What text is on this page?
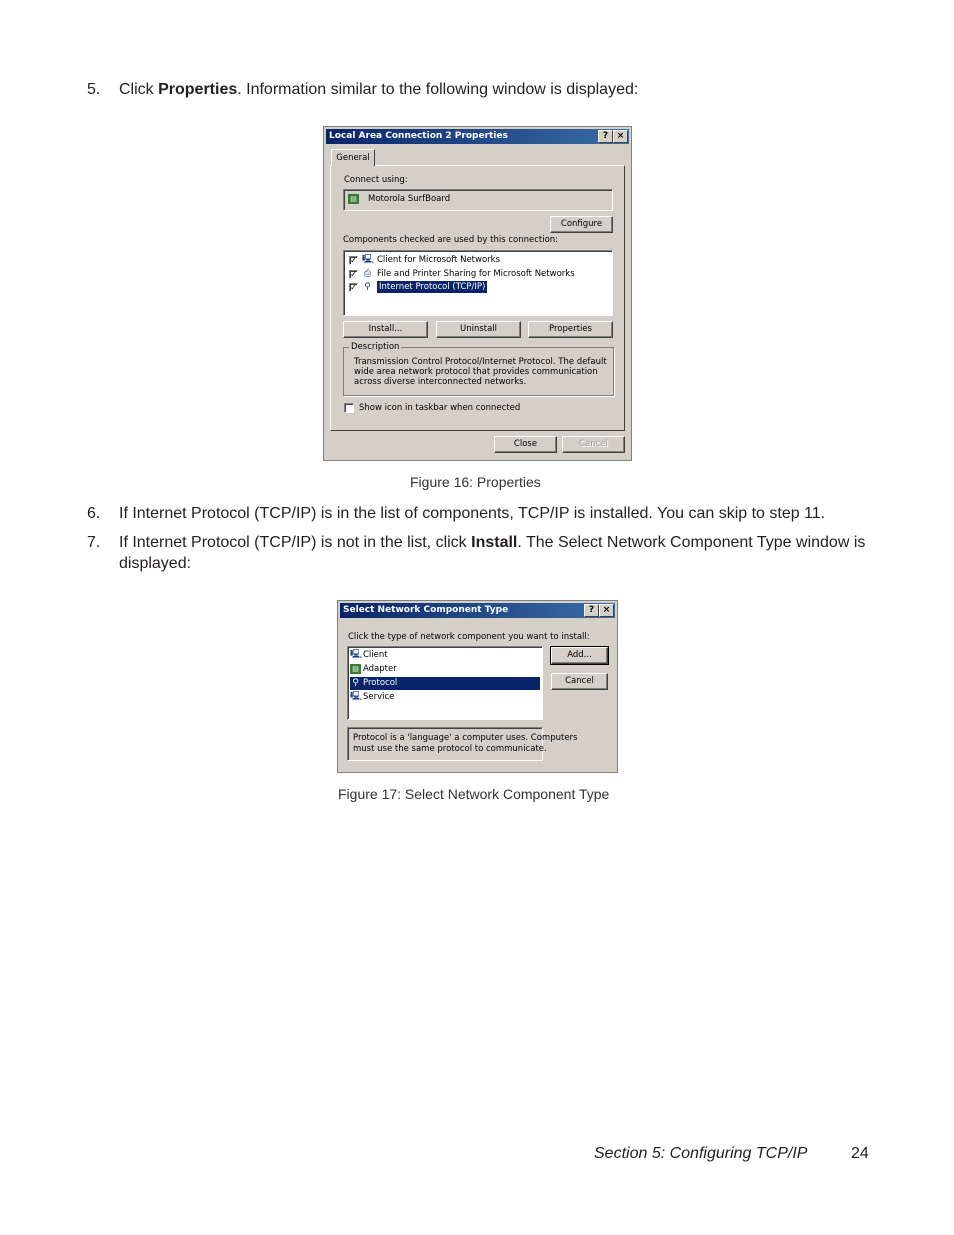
5. Click Properties. Information similar to the following window is displayed:
Local Area Connection 2 Properties	? ×
General
Connect using:
▤ Motorola SurfBoard
Configure
Components checked are used by this connection:
✓ 🖳 Client for Microsoft Networks
✓ ⎙ File and Printer Sharing for Microsoft Networks
✓ ⚲ Internet Protocol (TCP/IP)
Install...	Uninstall	Properties
Description
Transmission Control Protocol/Internet Protocol. The default
wide area network protocol that provides communication
across diverse interconnected networks.
Show icon in taskbar when connected
Close	Cancel
Figure 16: Properties
6. If Internet Protocol (TCP/IP) is in the list of components, TCP/IP is installed. You can skip to step 11.
7. If Internet Protocol (TCP/IP) is not in the list, click Install. The Select Network Component Type window is
displayed:
Select Network Component Type	? ×
Click the type of network component you want to install:
🖳 Client
▤ Adapter
⚲ Protocol
🖳 Service
Add...
Cancel
Protocol is a 'language' a computer uses. Computers
must use the same protocol to communicate.
Figure 17: Select Network Component Type
Section 5: Configuring TCP/IP	24
